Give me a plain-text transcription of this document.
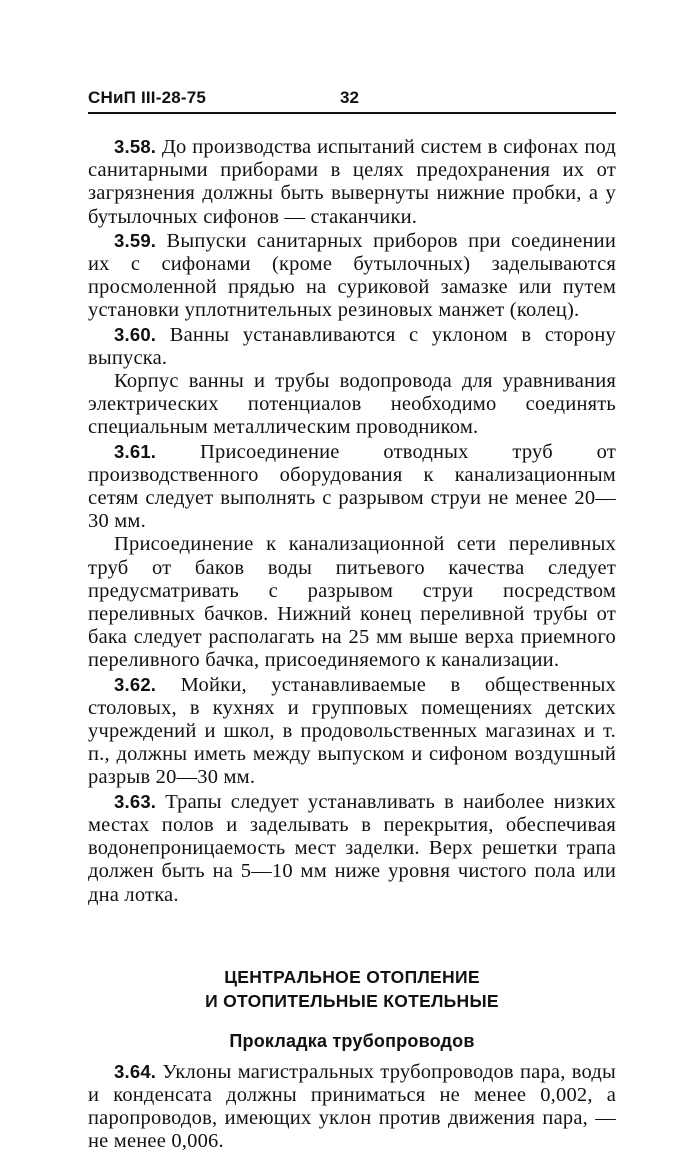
СНиП III-28-75	32

3.58. До производства испытаний систем в сифонах под санитарными приборами в целях предохранения их от загрязнения должны быть вывернуты нижние пробки, а у бутылочных сифонов — стаканчики.

3.59. Выпуски санитарных приборов при соединении их с сифонами (кроме бутылочных) заделываются просмоленной прядью на суриковой замазке или путем установки уплотнительных резиновых манжет (колец).

3.60. Ванны устанавливаются с уклоном в сторону выпуска.

Корпус ванны и трубы водопровода для уравнивания электрических потенциалов необходимо соединять специальным металлическим проводником.

3.61. Присоединение отводных труб от производственного оборудования к канализационным сетям следует выполнять с разрывом струи не менее 20—30 мм.

Присоединение к канализационной сети переливных труб от баков воды питьевого качества следует предусматривать с разрывом струи посредством переливных бачков. Нижний конец переливной трубы от бака следует располагать на 25 мм выше верха приемного переливного бачка, присоединяемого к канализации.

3.62. Мойки, устанавливаемые в общественных столовых, в кухнях и групповых помещениях детских учреждений и школ, в продовольственных магазинах и т. п., должны иметь между выпуском и сифоном воздушный разрыв 20—30 мм.

3.63. Трапы следует устанавливать в наиболее низких местах полов и заделывать в перекрытия, обеспечивая водонепроницаемость мест заделки. Верх решетки трапа должен быть на 5—10 мм ниже уровня чистого пола или дна лотка.

ЦЕНТРАЛЬНОЕ ОТОПЛЕНИЕ
И ОТОПИТЕЛЬНЫЕ КОТЕЛЬНЫЕ
Прокладка трубопроводов

3.64. Уклоны магистральных трубопроводов пара, воды и конденсата должны приниматься не менее 0,002, а паропроводов, имеющих уклон против движения пара, — не менее 0,006.
